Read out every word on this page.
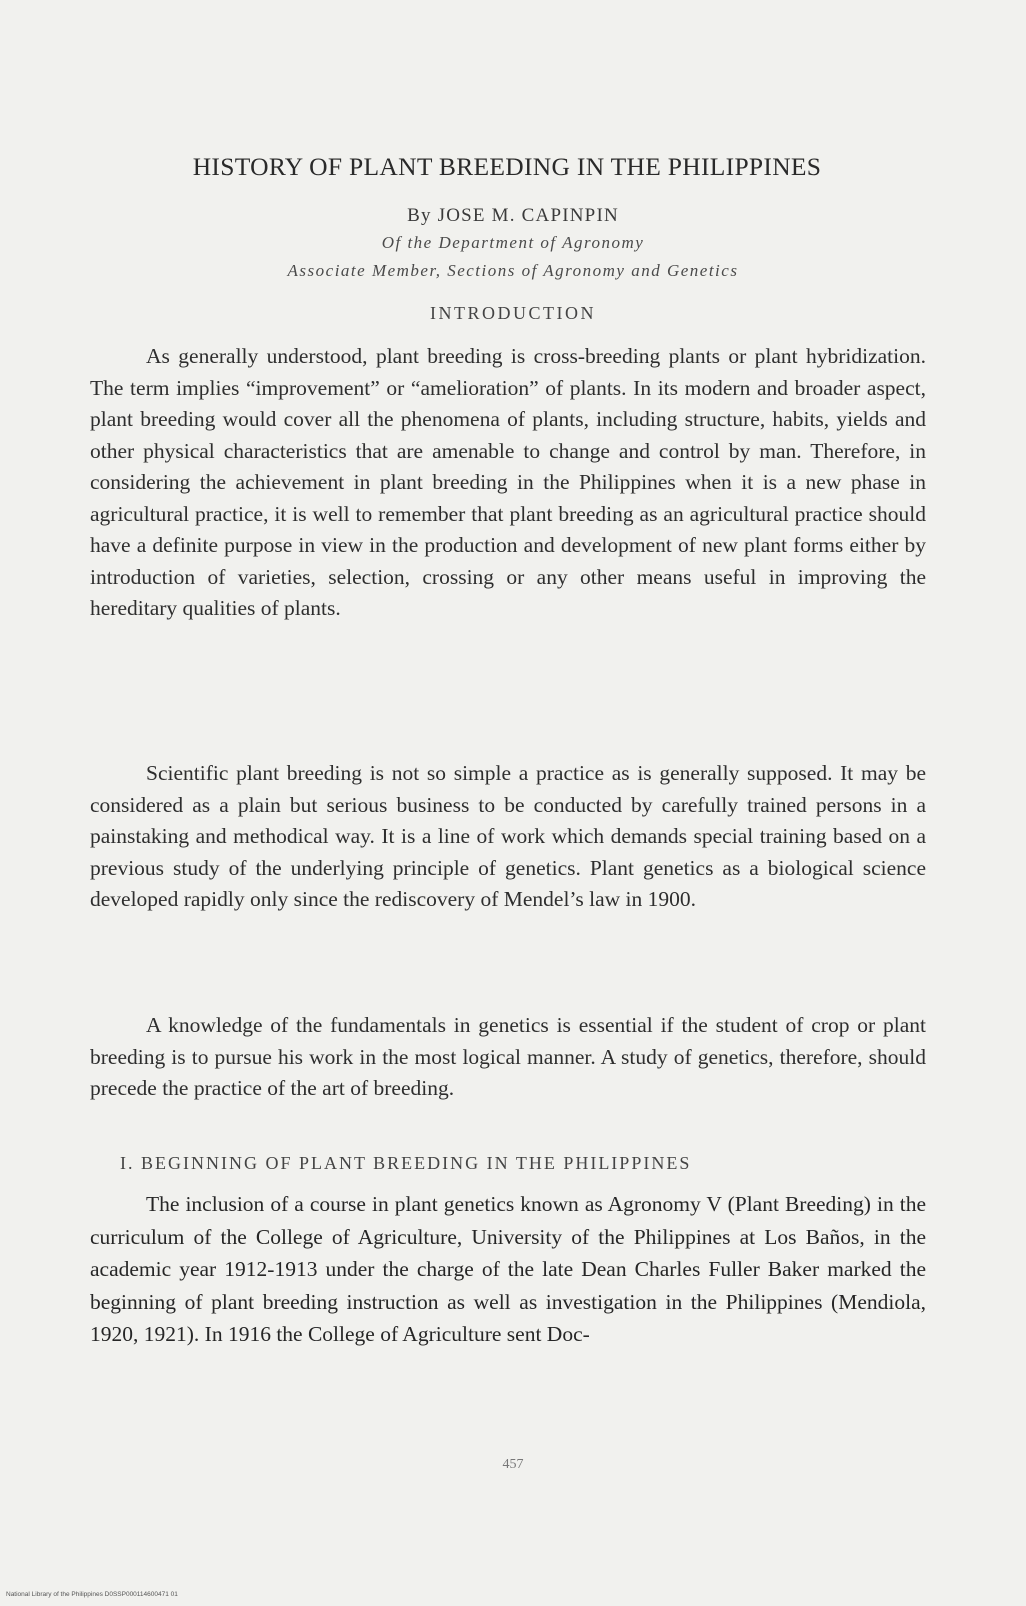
HISTORY OF PLANT BREEDING IN THE PHILIPPINES
By JOSE M. CAPINPIN
Of the Department of Agronomy
Associate Member, Sections of Agronomy and Genetics
INTRODUCTION

As generally understood, plant breeding is cross-breeding plants or plant hybridization. The term implies “improvement” or “amelioration” of plants. In its modern and broader aspect, plant breeding would cover all the phenomena of plants, including structure, habits, yields and other physical characteristics that are amenable to change and control by man. Therefore, in considering the achievement in plant breeding in the Philippines when it is a new phase in agricultural practice, it is well to remember that plant breeding as an agricultural practice should have a definite purpose in view in the production and development of new plant forms either by introduction of varieties, selection, crossing or any other means useful in improving the hereditary qualities of plants.

Scientific plant breeding is not so simple a practice as is generally supposed. It may be considered as a plain but serious business to be conducted by carefully trained persons in a painstaking and methodical way. It is a line of work which demands special training based on a previous study of the underlying principle of genetics. Plant genetics as a biological science developed rapidly only since the rediscovery of Mendel’s law in 1900.

A knowledge of the fundamentals in genetics is essential if the student of crop or plant breeding is to pursue his work in the most logical manner. A study of genetics, therefore, should precede the practice of the art of breeding.

I. BEGINNING OF PLANT BREEDING IN THE PHILIPPINES

The inclusion of a course in plant genetics known as Agronomy V (Plant Breeding) in the curriculum of the College of Agriculture, University of the Philippines at Los Baños, in the academic year 1912-1913 under the charge of the late Dean Charles Fuller Baker marked the beginning of plant breeding instruction as well as investigation in the Philippines (Mendiola, 1920, 1921). In 1916 the College of Agriculture sent Doc-

457
National Library of the Philippines D0SSP000114600471 01
